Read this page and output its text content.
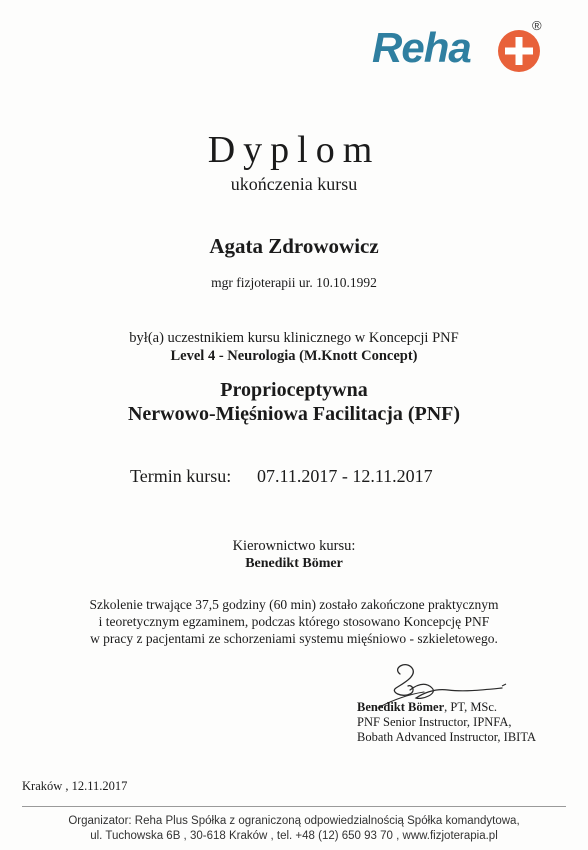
Reha	®
Dyplom
ukończenia kursu
Agata Zdrowowicz
mgr fizjoterapii ur. 10.10.1992
był(a) uczestnikiem kursu klinicznego w Koncepcji PNF
Level 4 - Neurologia (M.Knott Concept)
Proprioceptywna
Nerwowo-Mięśniowa Facilitacja (PNF)
Termin kursu: 07.11.2017 - 12.11.2017
Kierownictwo kursu:
Benedikt Bömer
Szkolenie trwające 37,5 godziny (60 min) zostało zakończone praktycznym
i teoretycznym egzaminem, podczas którego stosowano Koncepcję PNF
w pracy z pacjentami ze schorzeniami systemu mięśniowo - szkieletowego.
Benedikt Bömer, PT, MSc.
PNF Senior Instructor, IPNFA,
Bobath Advanced Instructor, IBITA
Kraków , 12.11.2017
Organizator: Reha Plus Spółka z ograniczoną odpowiedzialnością Spółka komandytowa,
ul. Tuchowska 6B , 30-618 Kraków , tel. +48 (12) 650 93 70 , www.fizjoterapia.pl
